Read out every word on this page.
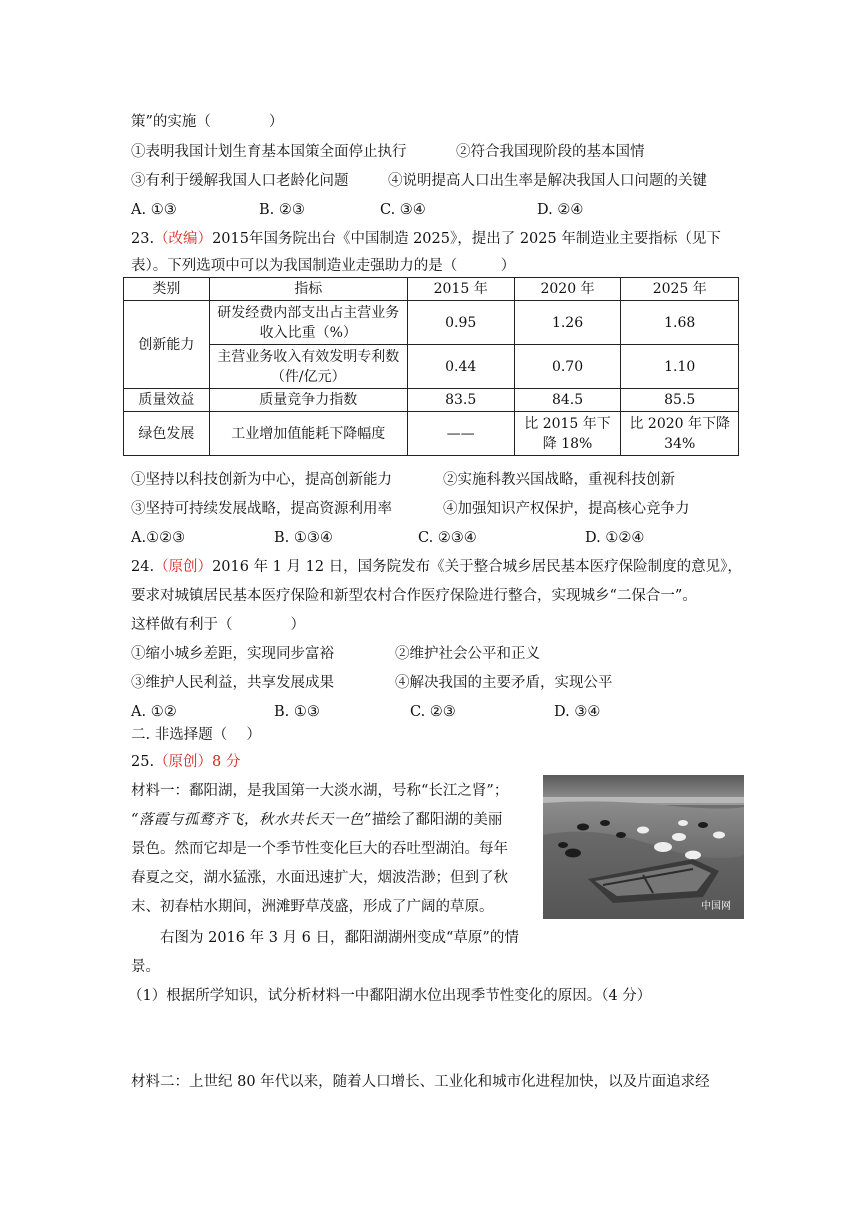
策”的实施（　　　　）
①表明我国计划生育基本国策全面停止执行	②符合我国现阶段的基本国情
③有利于缓解我国人口老龄化问题	④说明提高人口出生率是解决我国人口问题的关键
A. ①③	B. ②③	C. ③④	D. ②④
23.（改编）2015年国务院出台《中国制造 2025》，提出了 2025 年制造业主要指标（见下
表）。下列选项中可以为我国制造业走强助力的是（　　　）
类别	指标	2015 年	2020 年	2025 年
创新能力	研发经费内部支出占主营业务收入比重（%）	0.95	1.26	1.68
	主营业务收入有效发明专利数（件/亿元）	0.44	0.70	1.10
质量效益	质量竞争力指数	83.5	84.5	85.5
绿色发展	工业增加值能耗下降幅度	——	比 2015 年下降 18%	比 2020 年下降 34%
①坚持以科技创新为中心，提高创新能力	②实施科教兴国战略，重视科技创新
③坚持可持续发展战略，提高资源利用率	④加强知识产权保护，提高核心竞争力
A.①②③	B. ①③④	C. ②③④	D. ①②④
24.（原创）2016 年 1 月 12 日，国务院发布《关于整合城乡居民基本医疗保险制度的意见》，
要求对城镇居民基本医疗保险和新型农村合作医疗保险进行整合，实现城乡“二保合一”。
这样做有利于（　　　　）
①缩小城乡差距，实现同步富裕	②维护社会公平和正义
③维护人民利益，共享发展成果	④解决我国的主要矛盾，实现公平
A. ①②	B. ①③	C. ②③	D. ③④
二. 非选择题（　 ）
25.（原创）8 分
材料一：鄱阳湖，是我国第一大淡水湖，号称“长江之肾”；
“落霞与孤鹜齐飞，秋水共长天一色”描绘了鄱阳湖的美丽
景色。然而它却是一个季节性变化巨大的吞吐型湖泊。每年
春夏之交，湖水猛涨，水面迅速扩大，烟波浩渺；但到了秋
末、初春枯水期间，洲滩野草茂盛，形成了广阔的草原。
右图为 2016 年 3 月 6 日，鄱阳湖湖州变成“草原”的情
景。
（1）根据所学知识，试分析材料一中鄱阳湖水位出现季节性变化的原因。（4 分）
材料二：上世纪 80 年代以来，随着人口增长、工业化和城市化进程加快，以及片面追求经
中国网
